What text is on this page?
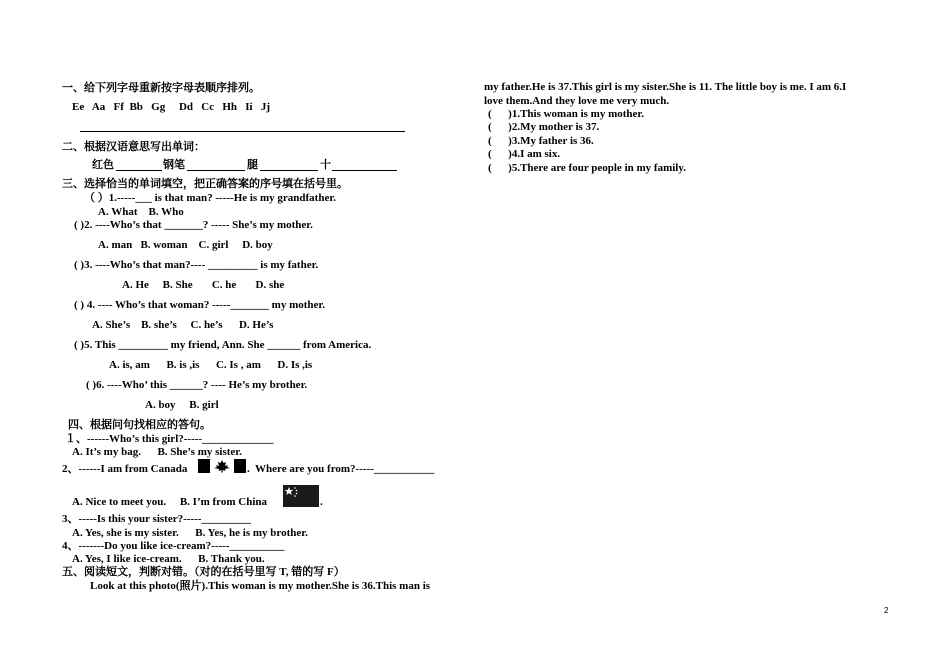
一、给下列字母重新按字母表顺序排列。
Ee   Aa   Ff  Bb   Gg     Dd   Cc   Hh   Ii   Jj
二、根据汉语意思写出单词：
红色	钢笔	腿	十
三、选择恰当的单词填空，把正确答案的序号填在括号里。
（ ）1.-----___ is that man? -----He is my grandfather.
A. What    B. Who
( )2. ----Who’s that _______? ----- She’s my mother.
A. man   B. woman    C. girl     D. boy
( )3. ----Who’s that man?---- _________ is my father.
A. He     B. She       C. he       D. she
( ) 4. ---- Who’s that woman? -----_______ my mother.
A. She’s    B. she’s     C. he’s      D. He’s
( )5. This _________ my friend, Ann. She ______ from America.
A. is, am      B. is ,is      C. Is , am      D. Is ,is
( )6. ----Who’ this ______? ---- He’s my brother.
A. boy     B. girl
四、根据问句找相应的答句。
１、------Who’s this girl?-----_____________
A. It’s my bag.      B. She’s my sister.
2、------I am from Canada	.  Where are you from?-----___________
A. Nice to meet you.     B. I’m from China	.
3、-----Is this your sister?-----_________
A. Yes, she is my sister.      B. Yes, he is my brother.
4、-------Do you like ice-cream?-----__________
A. Yes, I like ice-cream.      B. Thank you.
五、阅读短文，判断对错。（对的在括号里写 T, 错的写 F）
Look at this photo(照片).This woman is my mother.She is 36.This man is
my father.He is 37.This girl is my sister.She is 11. The little boy is me. I am 6.I
love them.And they love me very much.
(      )1.This woman is my mother.
(      )2.My mother is 37.
(      )3.My father is 36.
(      )4.I am six.
(      )5.There are four people in my family.
2
